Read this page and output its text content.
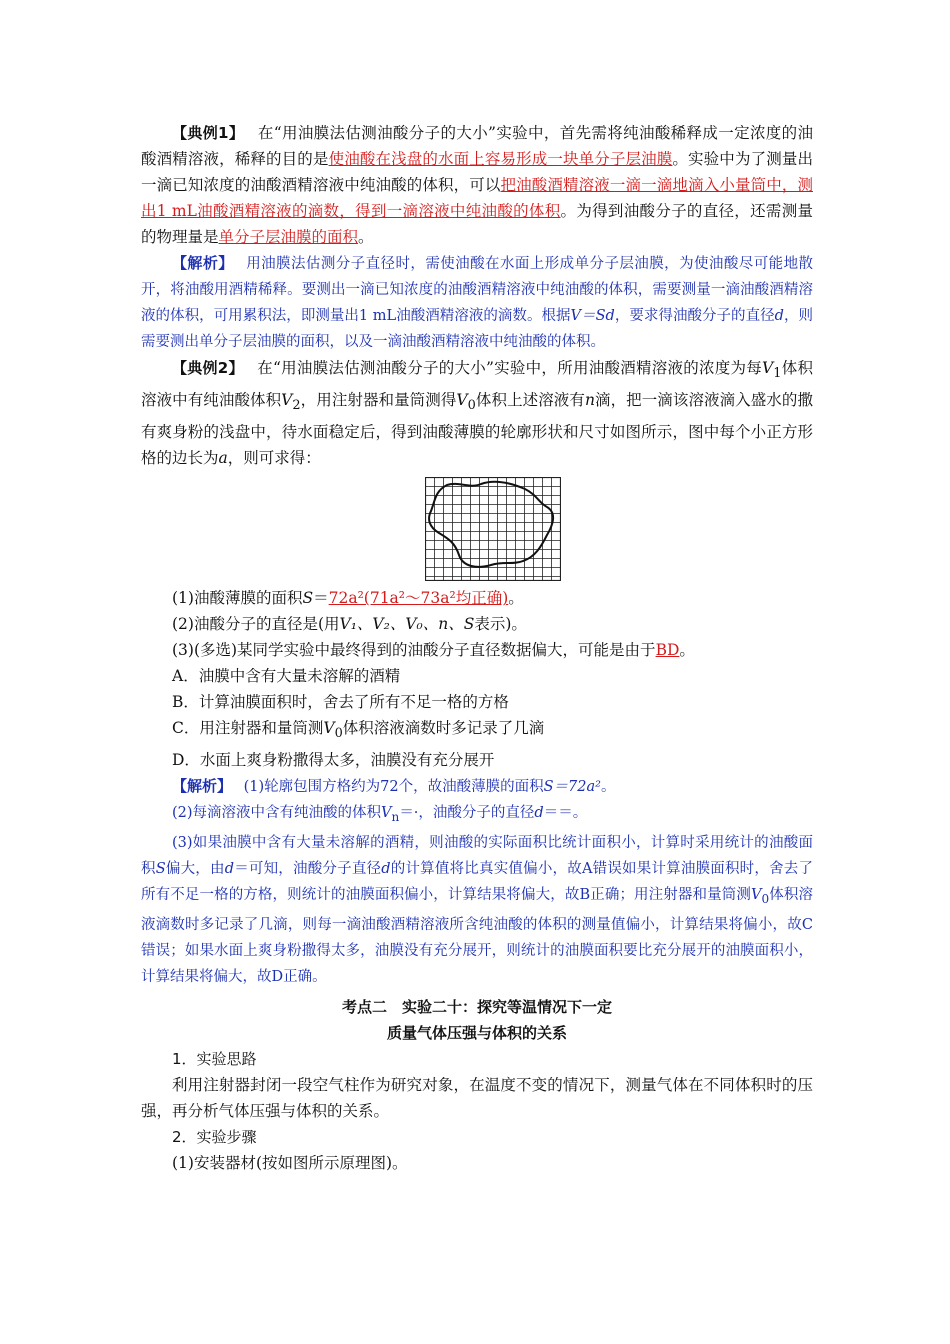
【典例1】　 在“用油膜法估测油酸分子的大小”实验中，首先需将纯油酸稀释成一定浓度的油酸酒精溶液，稀释的目的是使油酸在浅盘的水面上容易形成一块单分子层油膜。实验中为了测量出一滴已知浓度的油酸酒精溶液中纯油酸的体积，可以把油酸酒精溶液一滴一滴地滴入小量筒中，测出1 mL油酸酒精溶液的滴数，得到一滴溶液中纯油酸的体积。为得到油酸分子的直径，还需测量的物理量是单分子层油膜的面积。

【解析】　 用油膜法估测分子直径时，需使油酸在水面上形成单分子层油膜，为使油酸尽可能地散开，将油酸用酒精稀释。要测出一滴已知浓度的油酸酒精溶液中纯油酸的体积，需要测量一滴油酸酒精溶液的体积，可用累积法，即测量出1 mL油酸酒精溶液的滴数。根据V＝Sd，要求得油酸分子的直径d，则需要测出单分子层油膜的面积，以及一滴油酸酒精溶液中纯油酸的体积。

【典例2】　 在“用油膜法估测油酸分子的大小”实验中，所用油酸酒精溶液的浓度为每$V_1$体积溶液中有纯油酸体积$V_2$，用注射器和量筒测得$V_0$体积上述溶液有n滴，把一滴该溶液滴入盛水的撒有爽身粉的浅盘中，待水面稳定后，得到油酸薄膜的轮廓形状和尺寸如图所示，图中每个小正方形格的边长为a，则可求得：

(1)油酸薄膜的面积S＝72a²(71a²～73a²均正确)。

(2)油酸分子的直径是(用V₁、V₂、V₀、n、S表示)。

(3)(多选)某同学实验中最终得到的油酸分子直径数据偏大，可能是由于BD。

A．油膜中含有大量未溶解的酒精

B．计算油膜面积时，舍去了所有不足一格的方格

C．用注射器和量筒测$V_0$体积溶液滴数时多记录了几滴

D．水面上爽身粉撒得太多，油膜没有充分展开

【解析】　 (1)轮廓包围方格约为72个，故油酸薄膜的面积S＝72a²。

(2)每滴溶液中含有纯油酸的体积$V_n=\cdot$，油酸分子的直径d＝＝。

(3)如果油膜中含有大量未溶解的酒精，则油酸的实际面积比统计面积小，计算时采用统计的油酸面积S偏大，由d＝可知，油酸分子直径d的计算值将比真实值偏小，故A错误如果计算油膜面积时，舍去了所有不足一格的方格，则统计的油膜面积偏小，计算结果将偏大，故B正确；用注射器和量筒测$V_0$体积溶液滴数时多记录了几滴，则每一滴油酸酒精溶液所含纯油酸的体积的测量值偏小，计算结果将偏小，故C错误；如果水面上爽身粉撒得太多，油膜没有充分展开，则统计的油膜面积要比充分展开的油膜面积小，计算结果将偏大，故D正确。

考点二　实验二十：探究等温情况下一定

质量气体压强与体积的关系

1．实验思路

利用注射器封闭一段空气柱作为研究对象，在温度不变的情况下，测量气体在不同体积时的压强，再分析气体压强与体积的关系。

2．实验步骤

(1)安装器材(按如图所示原理图)。
